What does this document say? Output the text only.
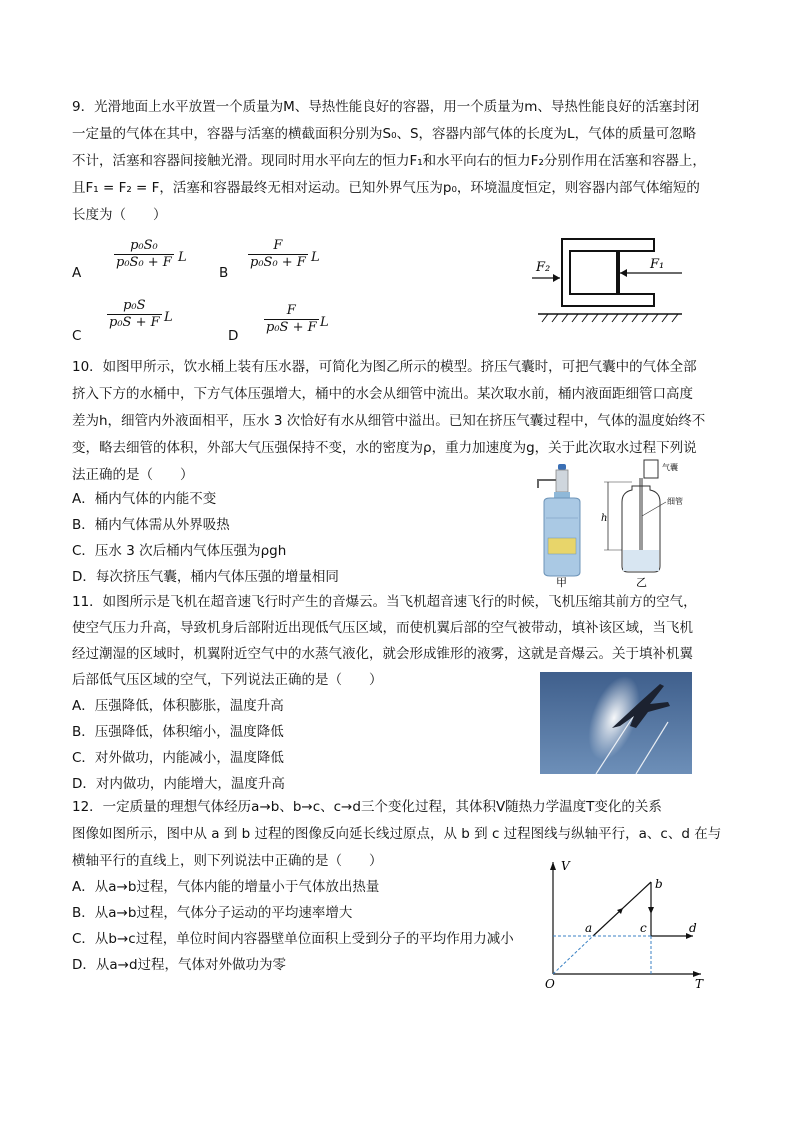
9．光滑地面上水平放置一个质量为M、导热性能良好的容器，用一个质量为m、导热性能良好的活塞封闭
一定量的气体在其中，容器与活塞的横截面积分别为S₀、S，容器内部气体的长度为L，气体的质量可忽略
不计，活塞和容器间接触光滑。现同时用水平向左的恒力F₁和水平向右的恒力F₂分别作用在活塞和容器上，
且F₁ = F₂ = F，活塞和容器最终无相对运动。已知外界气压为p₀，环境温度恒定，则容器内部气体缩短的
长度为（　　）
A
$\frac{\text{p₀S₀}}{\text{p₀S₀ + F}}$ L
B
$\frac{F}{\text{p₀S₀ + F}}$ L
C
$\frac{\text{p₀S}}{\text{p₀S + F}}$ L
D $\frac{F}{\text{p₀S + F}}$ L
F₂	F₁
10．如图甲所示，饮水桶上装有压水器，可简化为图乙所示的模型。挤压气囊时，可把气囊中的气体全部
挤入下方的水桶中，下方气体压强增大，桶中的水会从细管中流出。某次取水前，桶内液面距细管口高度
差为h，细管内外液面相平，压水 3 次恰好有水从细管中溢出。已知在挤压气囊过程中，气体的温度始终不
变，略去细管的体积，外部大气压强保持不变，水的密度为ρ，重力加速度为g，关于此次取水过程下列说
法正确的是（　　）
A．桶内气体的内能不变
B．桶内气体需从外界吸热
C．压水 3 次后桶内气体压强为ρgh
D．每次挤压气囊，桶内气体压强的增量相同	甲
气囊
h
细管
乙
11．如图所示是飞机在超音速飞行时产生的音爆云。当飞机超音速飞行的时候，飞机压缩其前方的空气，
使空气压力升高，导致机身后部附近出现低气压区域，而使机翼后部的空气被带动，填补该区域，当飞机
经过潮湿的区域时，机翼附近空气中的水蒸气液化，就会形成锥形的液雾，这就是音爆云。关于填补机翼
后部低气压区域的空气，下列说法正确的是（　　）
A．压强降低，体积膨胀，温度升高
B．压强降低，体积缩小，温度降低
C．对外做功，内能减小，温度降低
D．对内做功，内能增大，温度升高
12．一定质量的理想气体经历a→b、b→c、c→d三个变化过程，其体积V随热力学温度T变化的关系
图像如图所示，图中从 a 到 b 过程的图像反向延长线过原点，从 b 到 c 过程图线与纵轴平行，a、c、d 在与
横轴平行的直线上，则下列说法中正确的是（　　）
A．从a→b过程，气体内能的增量小于气体放出热量
B．从a→b过程，气体分子运动的平均速率增大
C．从b→c过程，单位时间内容器壁单位面积上受到分子的平均作用力减小
D．从a→d过程，气体对外做功为零
V
T
O
a
b
c	d
